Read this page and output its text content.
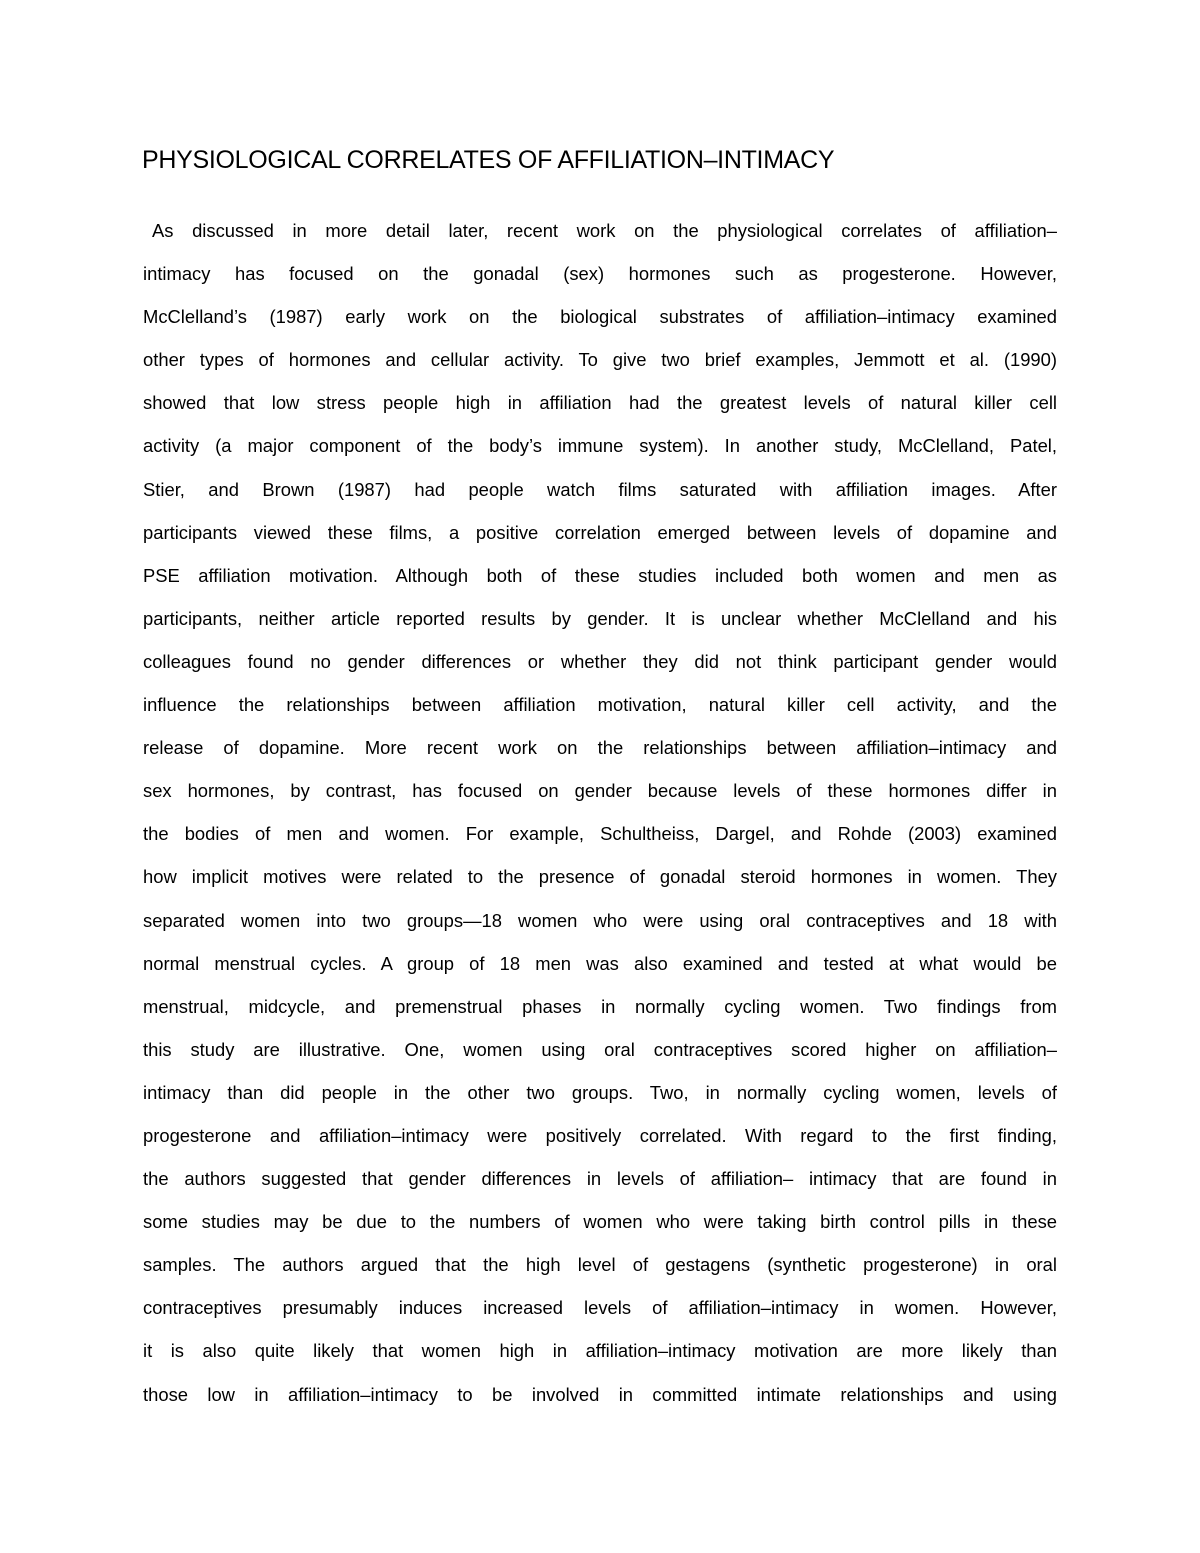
PHYSIOLOGICAL CORRELATES OF AFFILIATION–INTIMACY
As discussed in more detail later, recent work on the physiological correlates of affiliation–
intimacy has focused on the gonadal (sex) hormones such as progesterone. However,
McClelland’s (1987) early work on the biological substrates of affiliation–intimacy examined
other types of hormones and cellular activity. To give two brief examples, Jemmott et al. (1990)
showed that low stress people high in affiliation had the greatest levels of natural killer cell
activity (a major component of the body’s immune system). In another study, McClelland, Patel,
Stier, and Brown (1987) had people watch films saturated with affiliation images. After
participants viewed these films, a positive correlation emerged between levels of dopamine and
PSE affiliation motivation. Although both of these studies included both women and men as
participants, neither article reported results by gender. It is unclear whether McClelland and his
colleagues found no gender differences or whether they did not think participant gender would
influence the relationships between affiliation motivation, natural killer cell activity, and the
release of dopamine. More recent work on the relationships between affiliation–intimacy and
sex hormones, by contrast, has focused on gender because levels of these hormones differ in
the bodies of men and women. For example, Schultheiss, Dargel, and Rohde (2003) examined
how implicit motives were related to the presence of gonadal steroid hormones in women. They
separated women into two groups—18 women who were using oral contraceptives and 18 with
normal menstrual cycles. A group of 18 men was also examined and tested at what would be
menstrual, midcycle, and premenstrual phases in normally cycling women. Two findings from
this study are illustrative. One, women using oral contraceptives scored higher on affiliation–
intimacy than did people in the other two groups. Two, in normally cycling women, levels of
progesterone and affiliation–intimacy were positively correlated. With regard to the first finding,
the authors suggested that gender differences in levels of affiliation– intimacy that are found in
some studies may be due to the numbers of women who were taking birth control pills in these
samples. The authors argued that the high level of gestagens (synthetic progesterone) in oral
contraceptives presumably induces increased levels of affiliation–intimacy in women. However,
it is also quite likely that women high in affiliation–intimacy motivation are more likely than
those low in affiliation–intimacy to be involved in committed intimate relationships and using
